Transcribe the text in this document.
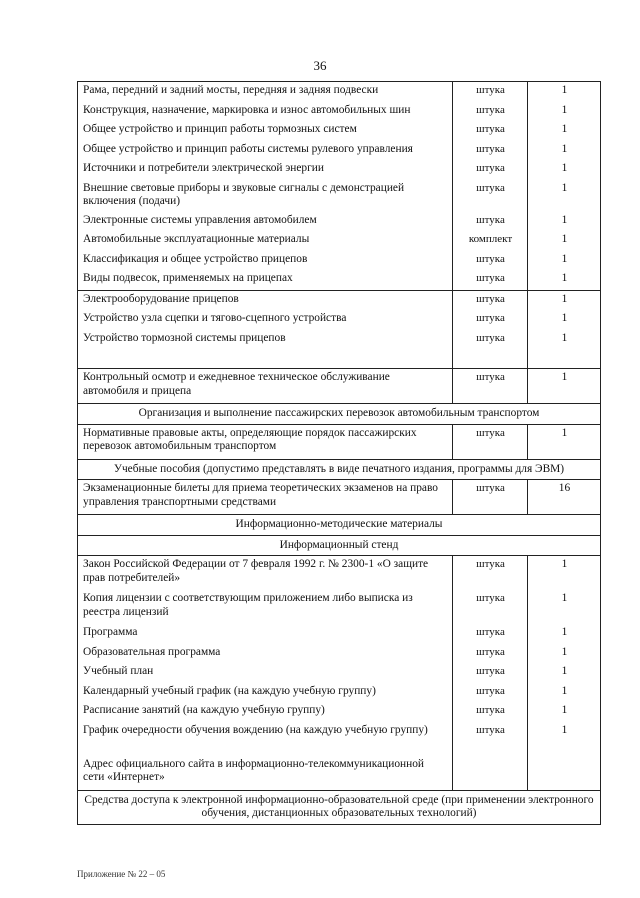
36
Рама, передний и задний мосты, передняя и задняя подвески	штука	1
Конструкция, назначение, маркировка и износ автомобильных шин	штука	1
Общее устройство и принцип работы тормозных систем	штука	1
Общее устройство и принцип работы системы рулевого управления	штука	1
Источники и потребители электрической энергии	штука	1
Внешние световые приборы и звуковые сигналы с демонстрацией включения (подачи)	штука	1
Электронные системы управления автомобилем	штука	1
Автомобильные эксплуатационные материалы	комплект	1
Классификация и общее устройство прицепов	штука	1
Виды подвесок, применяемых на прицепах	штука	1
Электрооборудование прицепов	штука	1
Устройство узла сцепки и тягово-сцепного устройства	штука	1
Устройство тормозной системы прицепов	штука	1

Контрольный осмотр и ежедневное техническое обслуживание автомобиля и прицепа	штука	1
Организация и выполнение пассажирских перевозок автомобильным транспортом		
Нормативные правовые акты, определяющие порядок пассажирских перевозок автомобильным транспортом	штука	1
Учебные пособия (допустимо представлять в виде печатного издания, программы для ЭВМ)		
Экзаменационные билеты для приема теоретических экзаменов на право управления транспортными средствами	штука	16
Информационно-методические материалы		
Информационный стенд		
Закон Российской Федерации от 7 февраля 1992 г. № 2300-1 «О защите прав потребителей»	штука	1
Копия лицензии с соответствующим приложением либо выписка из реестра лицензий	штука	1
Программа	штука	1
Образовательная программа	штука	1
Учебный план	штука	1
Календарный учебный график (на каждую учебную группу)	штука	1
Расписание занятий (на каждую учебную группу)	штука	1
График очередности обучения вождению (на каждую учебную группу)	штука	1
Адрес официального сайта в информационно-телекоммуникационной сети «Интернет»		
Средства доступа к электронной информационно-образовательной среде (при применении электронного обучения, дистанционных образовательных технологий)		
Приложение № 22 – 05
